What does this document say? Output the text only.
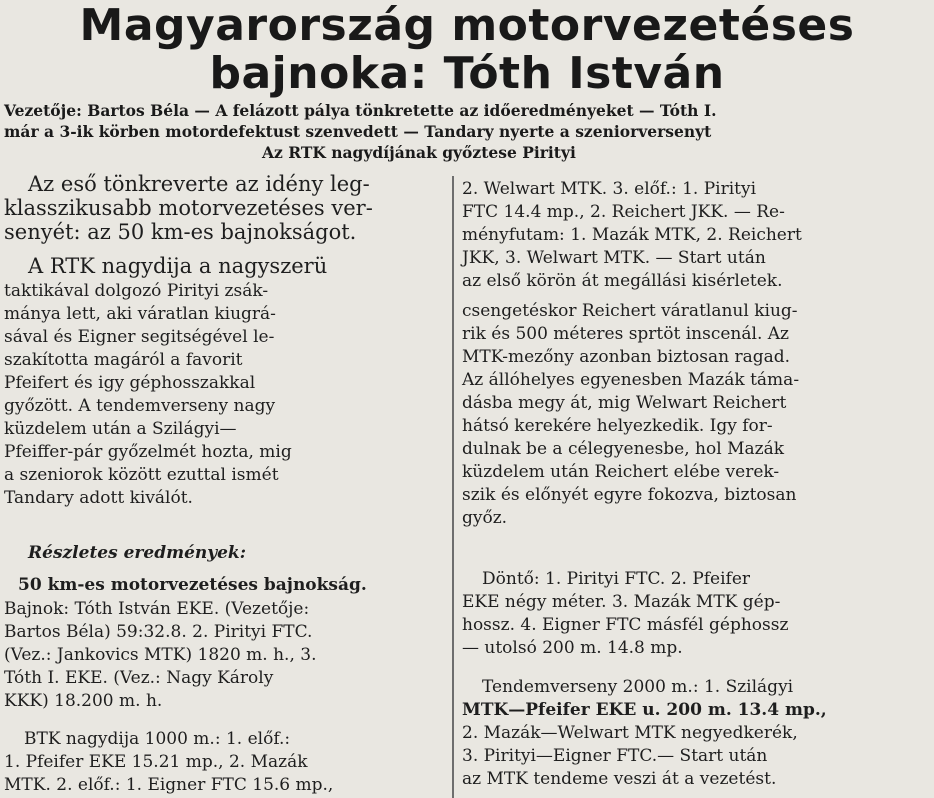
Magyarország motorvezetéses
bajnoka: Tóth István
Vezetője: Bartos Béla — A felázott pálya tönkretette az időeredményeket — Tóth I.
már a 3-ik körben motordefektust szenvedett — Tandary nyerte a szeniorversenyt
Az RTK nagydíjának győztese Pirityi
Az eső tönkreverte az idény leg-
klasszikusabb motorvezetéses ver-
senyét: az 50 km-es bajnokságot.
A RTK nagydija a nagyszerü
taktikával dolgozó Pirityi zsák-
mánya lett, aki váratlan kiugrá-
sával és Eigner segitségével le-
szakította magáról a favorit
Pfeifert és igy géphosszakkal
győzött. A tendemverseny nagy
küzdelem után a Szilágyi—
Pfeiffer-pár győzelmét hozta, mig
a szeniorok között ezuttal ismét
Tandary adott kiválót.
Részletes eredmények:
50 km-es motorvezetéses bajnokság.
Bajnok: Tóth István EKE. (Vezetője:
Bartos Béla) 59:32.8. 2. Pirityi FTC.
(Vez.: Jankovics MTK) 1820 m. h., 3.
Tóth I. EKE. (Vez.: Nagy Károly
KKK) 18.200 m. h.
BTK nagydija 1000 m.: 1. előf.:
1. Pfeifer EKE 15.21 mp., 2. Mazák
MTK. 2. előf.: 1. Eigner FTC 15.6 mp.,
2. Welwart MTK. 3. előf.: 1. Pirityi
FTC 14.4 mp., 2. Reichert JKK. — Re-
ményfutam: 1. Mazák MTK, 2. Reichert
JKK, 3. Welwart MTK. — Start után
az első körön át megállási kisérletek.
csengetéskor Reichert váratlanul kiug-
rik és 500 méteres sprtöt inscenál. Az
MTK-mezőny azonban biztosan ragad.
Az állóhelyes egyenesben Mazák táma-
dásba megy át, mig Welwart Reichert
hátsó kerekére helyezkedik. Igy for-
dulnak be a célegyenesbe, hol Mazák
küzdelem után Reichert elébe verek-
szik és előnyét egyre fokozva, biztosan
győz.
Döntő: 1. Pirityi FTC. 2. Pfeifer
EKE négy méter. 3. Mazák MTK gép-
hossz. 4. Eigner FTC másfél géphossz
— utolsó 200 m. 14.8 mp.
Tendemverseny 2000 m.: 1. Szilágyi
MTK—Pfeifer EKE u. 200 m. 13.4 mp.,
2. Mazák—Welwart MTK negyedkerék,
3. Pirityi—Eigner FTC.— Start után
az MTK tendeme veszi át a vezetést.
